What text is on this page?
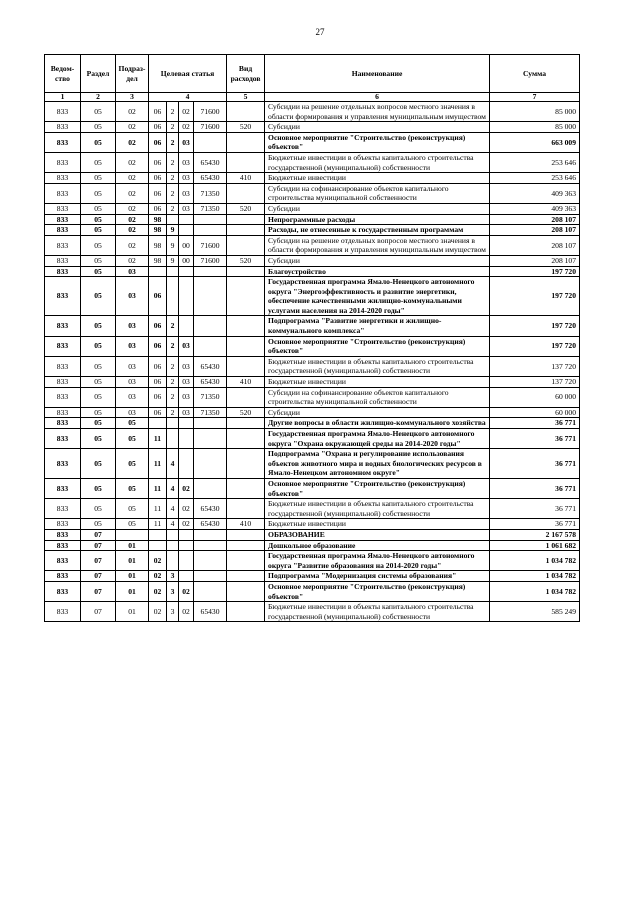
27
Ведом-ство	Раздел	Подраз-дел	Целевая статья				Вид расходов	Наименование	Сумма
1	2	3	4				5	6	7
833	05	02	06	2	02	71600		Субсидии на решение отдельных вопросов местного значения в области формирования и управления муниципальным имуществом	85 000
833	05	02	06	2	02	71600	520	Субсидии	85 000
833	05	02	06	2	03			Основное мероприятие "Строительство (реконструкция) объектов"	663 009
833	05	02	06	2	03	65430		Бюджетные инвестиции в объекты капитального строительства государственной (муниципальной) собственности	253 646
833	05	02	06	2	03	65430	410	Бюджетные инвестиции	253 646
833	05	02	06	2	03	71350		Субсидии на софинансирование объектов капитального строительства муниципальной собственности	409 363
833	05	02	06	2	03	71350	520	Субсидии	409 363
833	05	02	98					Непрограммные расходы	208 107
833	05	02	98	9				Расходы, не отнесенные к государственным программам	208 107
833	05	02	98	9	00	71600		Субсидии на решение отдельных вопросов местного значения в области формирования и управления муниципальным имуществом	208 107
833	05	02	98	9	00	71600	520	Субсидии	208 107
833	05	03						Благоустройство	197 720
833	05	03	06					Государственная программа Ямало-Ненецкого автономного округа "Энергоэффективность и развитие энергетики, обеспечение качественными жилищно-коммунальными услугами населения на 2014-2020 годы"	197 720
833	05	03	06	2				Подпрограмма "Развитие энергетики и жилищно-коммунального комплекса"	197 720
833	05	03	06	2	03			Основное мероприятие "Строительство (реконструкция) объектов"	197 720
833	05	03	06	2	03	65430		Бюджетные инвестиции в объекты капитального строительства государственной (муниципальной) собственности	137 720
833	05	03	06	2	03	65430	410	Бюджетные инвестиции	137 720
833	05	03	06	2	03	71350		Субсидии на софинансирование объектов капитального строительства муниципальной собственности	60 000
833	05	03	06	2	03	71350	520	Субсидии	60 000
833	05	05						Другие вопросы в области жилищно-коммунального хозяйства	36 771
833	05	05	11					Государственная программа Ямало-Ненецкого автономного округа "Охрана окружающей среды на 2014-2020 годы"	36 771
833	05	05	11	4				Подпрограмма "Охрана и регулирование использования объектов животного мира и водных биологических ресурсов в Ямало-Ненецком автономном округе"	36 771
833	05	05	11	4	02			Основное мероприятие "Строительство (реконструкция) объектов"	36 771
833	05	05	11	4	02	65430		Бюджетные инвестиции в объекты капитального строительства государственной (муниципальной) собственности	36 771
833	05	05	11	4	02	65430	410	Бюджетные инвестиции	36 771
833	07							ОБРАЗОВАНИЕ	2 167 578
833	07	01						Дошкольное образование	1 061 682
833	07	01	02					Государственная программа Ямало-Ненецкого автономного округа "Развитие образования на 2014-2020 годы"	1 034 782
833	07	01	02	3				Подпрограмма "Модернизация системы образования"	1 034 782
833	07	01	02	3	02			Основное мероприятие "Строительство (реконструкция) объектов"	1 034 782
833	07	01	02	3	02	65430		Бюджетные инвестиции в объекты капитального строительства государственной (муниципальной) собственности	585 249
